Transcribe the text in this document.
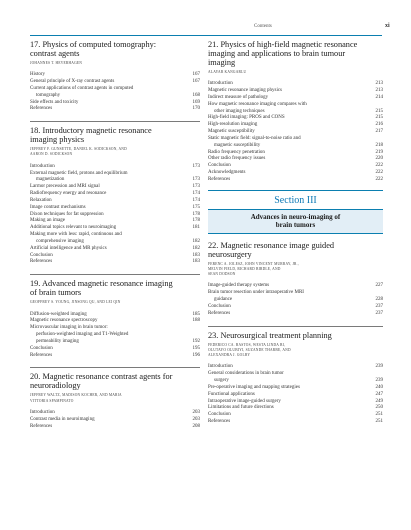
Contents	xi
17. Physics of computed tomography:
contrast agents
JOHANNES T. HEVERHAGEN
History	167
General principle of X-ray contrast agents	167
Current applications of contrast agents in computed
tomography	168
Side effects and toxicity	169
References	170
18. Introductory magnetic resonance
imaging physics
JEFFREY F. GUNSETTE, DANIEL K. SODICKSON, AND
AARON D. SODICKSON
Introduction	173
External magnetic field, protons and equilibrium
magnetization	173
Larmor precession and MRI signal	173
Radiofrequency energy and resonance	174
Relaxation	174
Image contrast mechanisms	175
Dixon techniques for fat suppression	178
Making an image	178
Additional topics relevant to neuroimaging	181
Making more with less: rapid, continuous and
comprehensive imaging	182
Artificial intelligence and MR physics	182
Conclusion	183
References	183
19. Advanced magnetic resonance imaging
of brain tumors
GEOFFREY S. YOUNG, JINSONG QU, AND LEI QIN
Diffusion-weighted imaging	185
Magnetic resonance spectroscopy	188
Microvascular imaging in brain tumor:
perfusion-weighted imaging and T1-Weighted
permeability imaging	192
Conclusion	195
References	196
20. Magnetic resonance contrast agents for
neuroradiology
JEFFREY WALTZ, MADISON KOCHER, AND MARIA
VITTORIA SPAMPINATO
Introduction	203
Contrast media in neuroimaging	203
References	208
21. Physics of high-field magnetic resonance
imaging and applications to brain tumour
imaging
ALAYAR KANGARLU
Introduction	213
Magnetic resonance imaging physics	213
Indirect measure of pathology	214
How magnetic resonance imaging compares with
other imaging techniques	215
High-field imaging: PROS and CONS	215
High-resolution imaging	216
Magnetic susceptibility	217
Static magnetic field: signal-to-noise ratio and
magnetic susceptibility	218
Radio frequency penetration	219
Other radio frequency issues	220
Conclusion	222
Acknowledgments	222
References	222
Section III
Advances in neuro-imaging of
brain tumors
22. Magnetic resonance image guided
neurosurgery
FERENC A. JOLESZ, JOHN VINCENT MURRAY, JR.,
MELVIN FIELD, RICHARD BIRDLE, AND
SEAN DODSON
Image-guided therapy systems	227
Brain tumor resection under intraoperative MRI
guidance	228
Conclusion	237
References	237
23. Neurosurgical treatment planning
FEDERICO CA. BASTOS, WESTA LINDA BI,
OLUTAYO OLUBIYI, SUZANDE THARBE, AND
ALEXANDRA J. GOLBY
Introduction	239
General considerations in brain tumor
surgery	239
Pre-operative imaging and mapping strategies	240
Functional applications	247
Intraoperative image-guided surgery	249
Limitations and future directions	250
Conclusion	251
References	251
